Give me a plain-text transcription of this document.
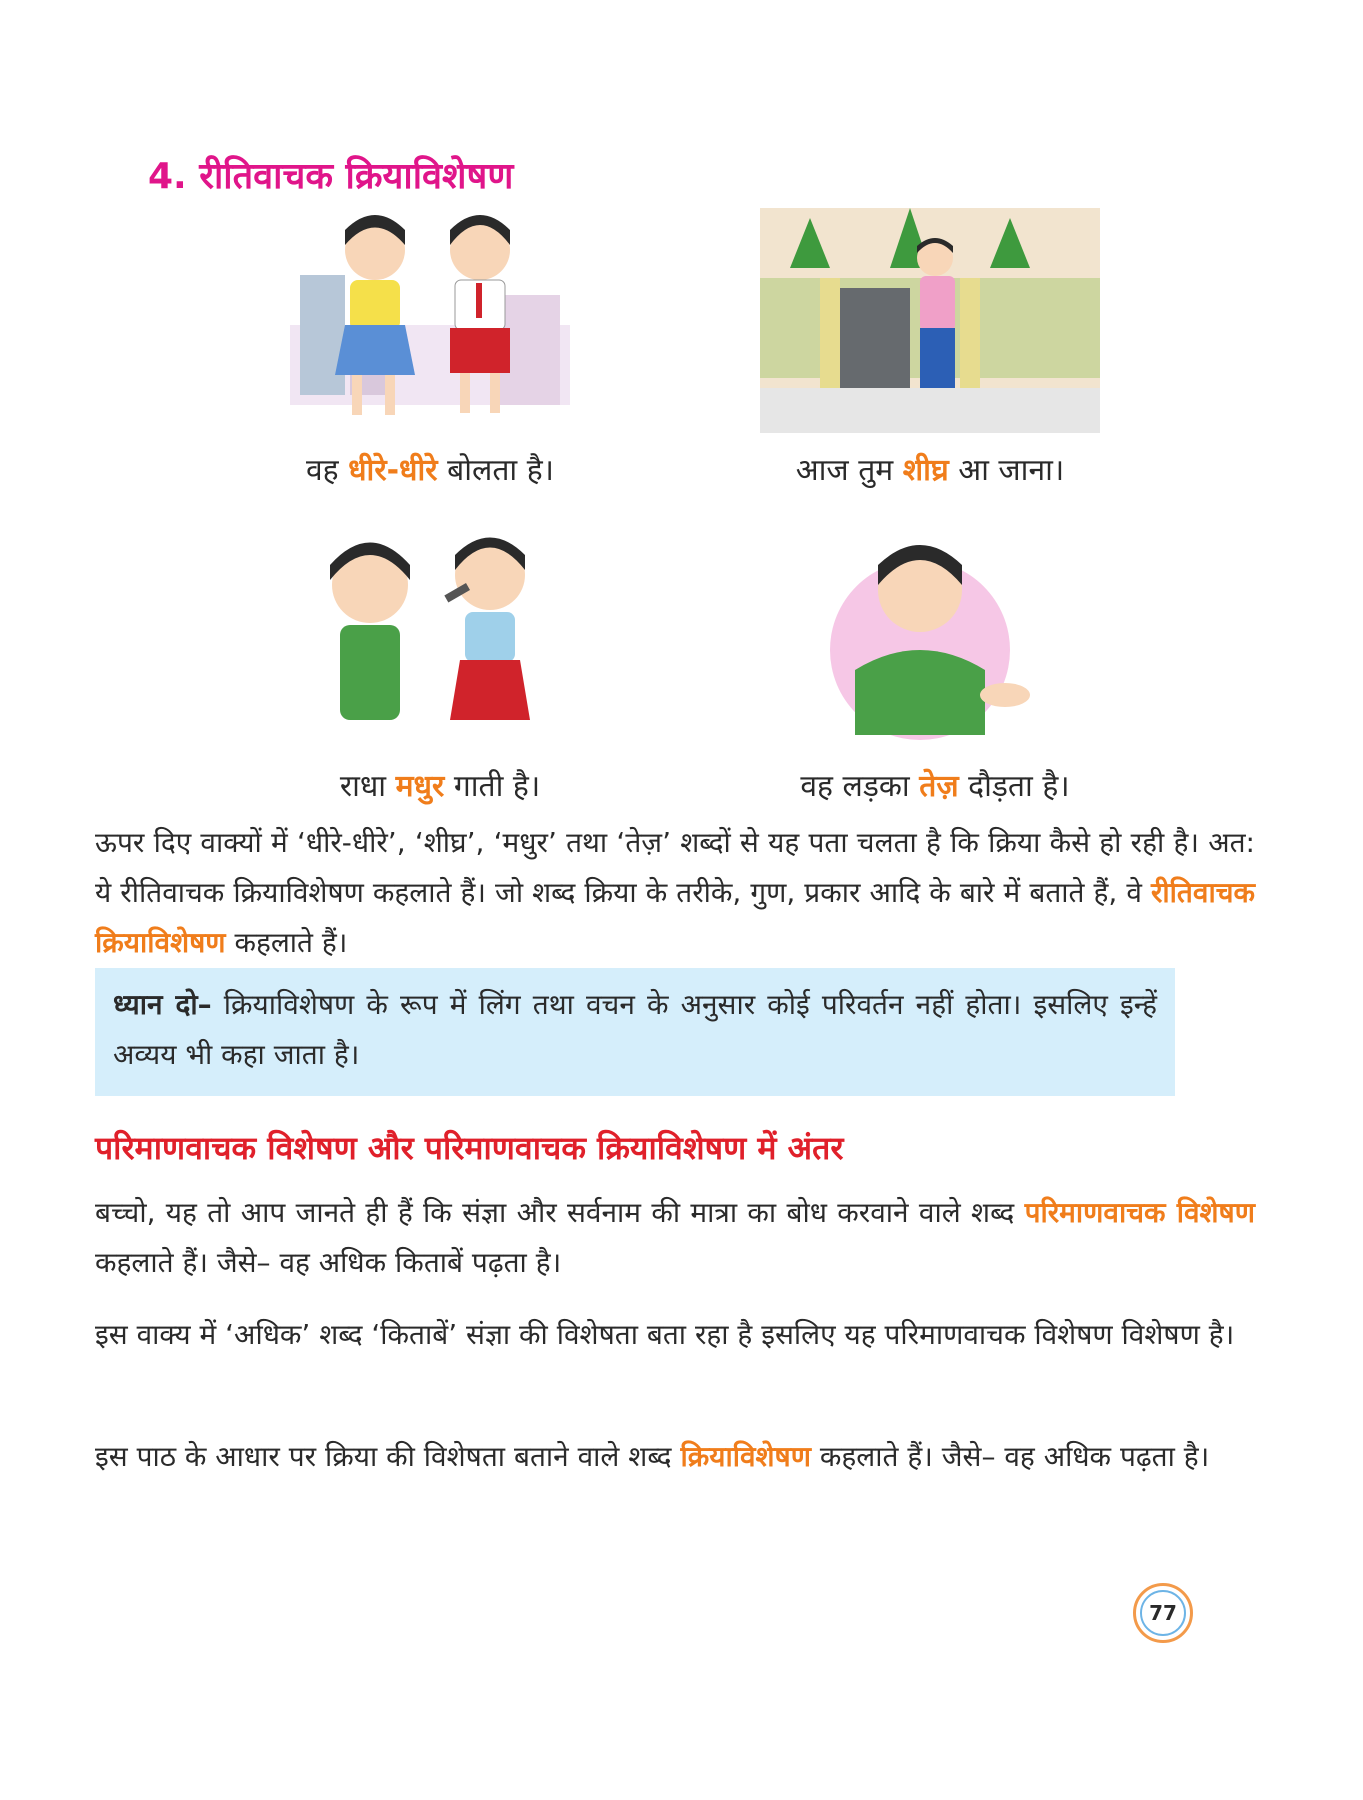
4. रीतिवाचक क्रियाविशेषण

वह धीरे-धीरे बोलता है।	आज तुम शीघ्र आ जाना।

राधा मधुर गाती है।	वह लड़का तेज़ दौड़ता है।

ऊपर दिए वाक्यों में ‘धीरे-धीरे’, ‘शीघ्र’, ‘मधुर’ तथा ‘तेज़’ शब्दों से यह पता चलता है कि क्रिया कैसे हो रही है। अत: ये रीतिवाचक क्रियाविशेषण कहलाते हैं। जो शब्द क्रिया के तरीके, गुण, प्रकार आदि के बारे में बताते हैं, वे रीतिवाचक क्रियाविशेषण कहलाते हैं।

ध्यान दो– क्रियाविशेषण के रूप में लिंग तथा वचन के अनुसार कोई परिवर्तन नहीं होता। इसलिए इन्हें अव्यय भी कहा जाता है।
परिमाणवाचक विशेषण और परिमाणवाचक क्रियाविशेषण में अंतर

बच्चो, यह तो आप जानते ही हैं कि संज्ञा और सर्वनाम की मात्रा का बोध करवाने वाले शब्द परिमाणवाचक विशेषण कहलाते हैं। जैसे– वह अधिक किताबें पढ़ता है।

इस वाक्य में ‘अधिक’ शब्द ‘किताबें’ संज्ञा की विशेषता बता रहा है इसलिए यह परिमाणवाचक विशेषण विशेषण है।

इस पाठ के आधार पर क्रिया की विशेषता बताने वाले शब्द क्रियाविशेषण कहलाते हैं। जैसे– वह अधिक पढ़ता है।

77
